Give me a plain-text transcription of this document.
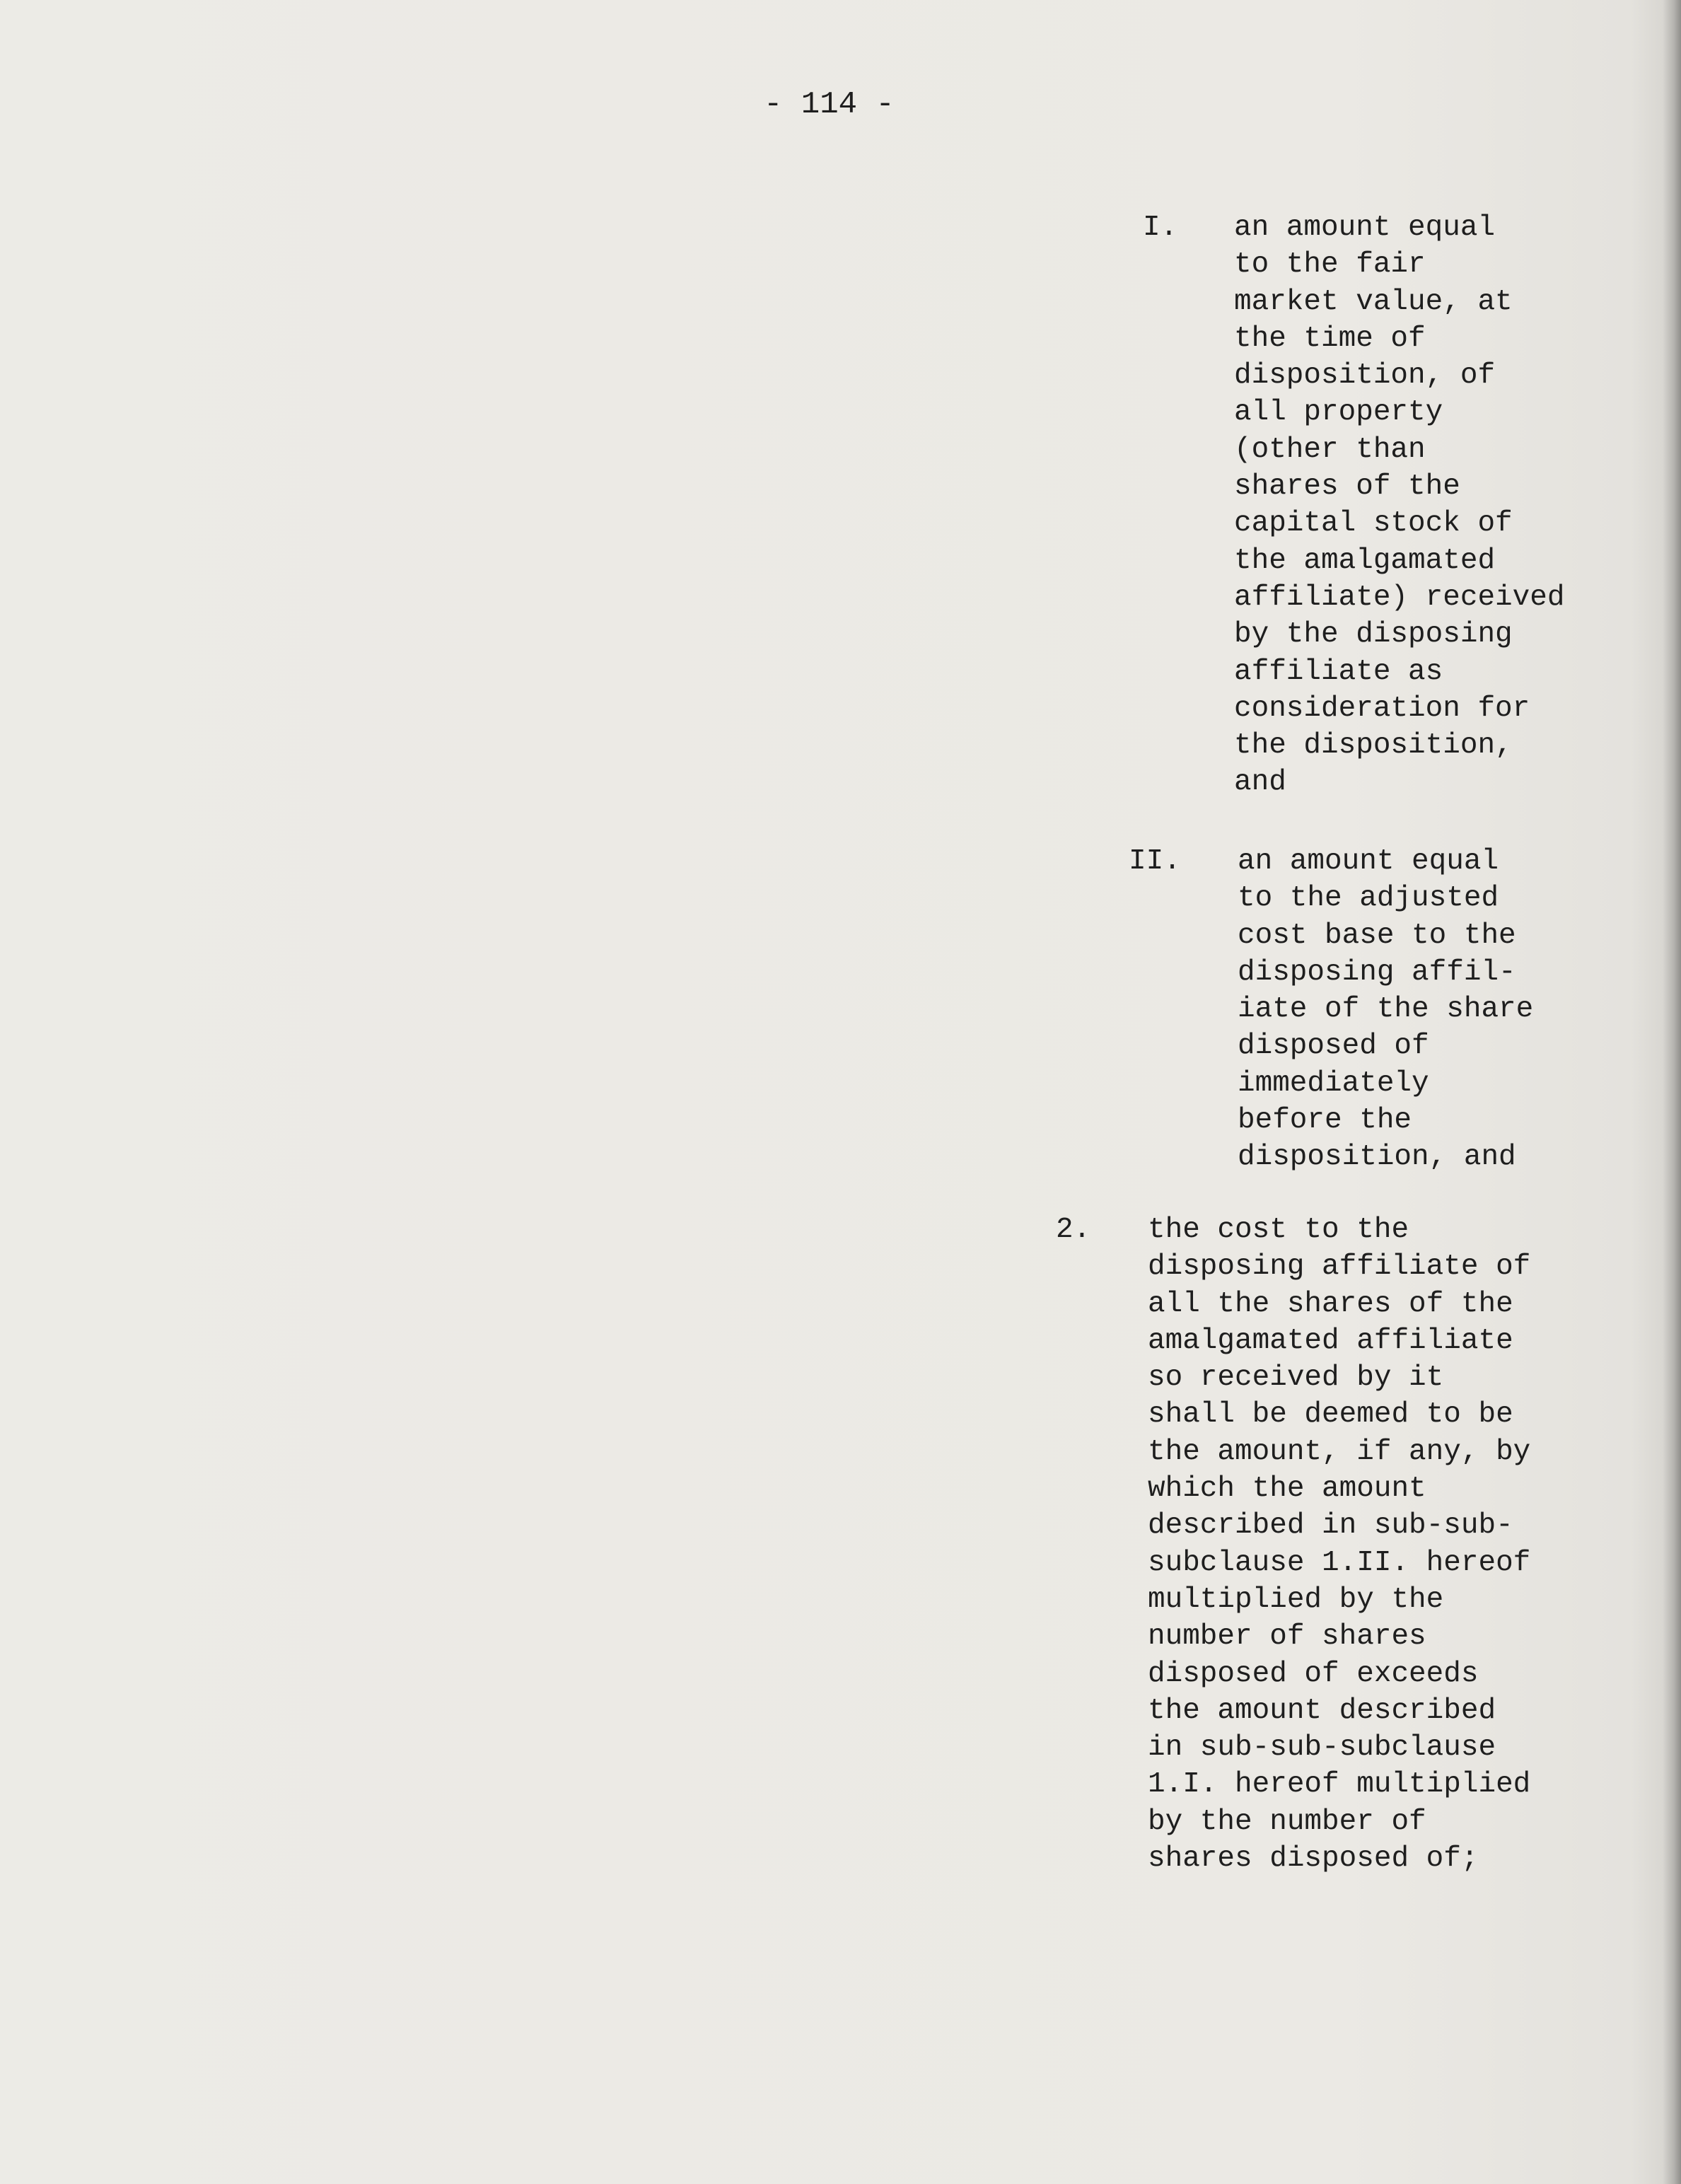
- 114 -
I. an amount equal
to the fair
market value, at
the time of
disposition, of
all property
(other than
shares of the
capital stock of
the amalgamated
affiliate) received
by the disposing
affiliate as
consideration for
the disposition,
and
II. an amount equal
to the adjusted
cost base to the
disposing affil-
iate of the share
disposed of
immediately
before the
disposition, and
2. the cost to the
disposing affiliate of
all the shares of the
amalgamated affiliate
so received by it
shall be deemed to be
the amount, if any, by
which the amount
described in sub-sub-
subclause 1.II. hereof
multiplied by the
number of shares
disposed of exceeds
the amount described
in sub-sub-subclause
1.I. hereof multiplied
by the number of
shares disposed of;
